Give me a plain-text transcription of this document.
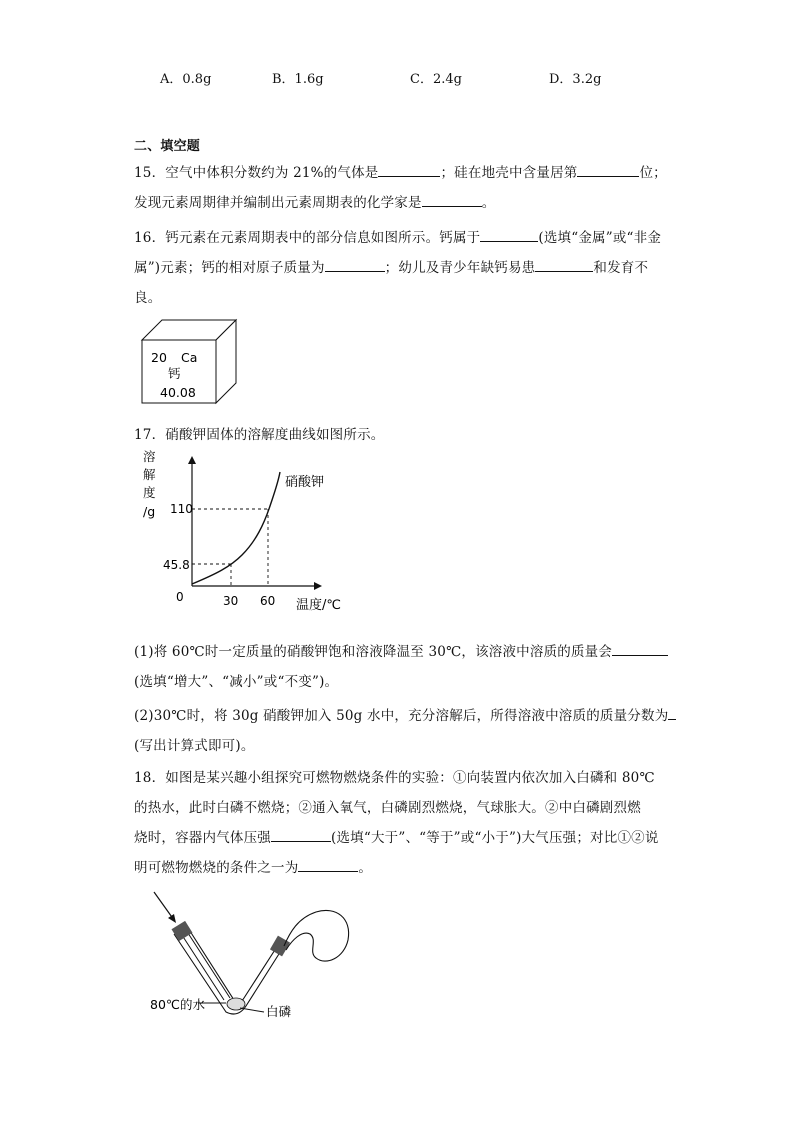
A．0.8g	B．1.6g	C．2.4g	D．3.2g
二、填空题
15．空气中体积分数约为 21%的气体是	；硅在地壳中含量居第	位；
发现元素周期律并编制出元素周期表的化学家是	。
16．钙元素在元素周期表中的部分信息如图所示。钙属于	(选填“金属”或“非金
属”)元素；钙的相对原子质量为	；幼儿及青少年缺钙易患	和发育不
良。
20 Ca
钙
40.08
17．硝酸钾固体的溶解度曲线如图所示。
溶
解
度
/g
硝酸钾
0	30 60
110
45.8
温度/℃
(1)将 60℃时一定质量的硝酸钾饱和溶液降温至 30℃，该溶液中溶质的质量会
(选填“增大”、“减小”或“不变”)。
(2)30℃时，将 30g 硝酸钾加入 50g 水中，充分溶解后，所得溶液中溶质的质量分数为
(写出计算式即可)。
18．如图是某兴趣小组探究可燃物燃烧条件的实验：①向装置内依次加入白磷和 80℃
的热水，此时白磷不燃烧；②通入氧气，白磷剧烈燃烧，气球胀大。②中白磷剧烈燃
烧时，容器内气体压强	(选填“大于”、“等于”或“小于”)大气压强；对比①②说
明可燃物燃烧的条件之一为	。
80℃的水	白磷
